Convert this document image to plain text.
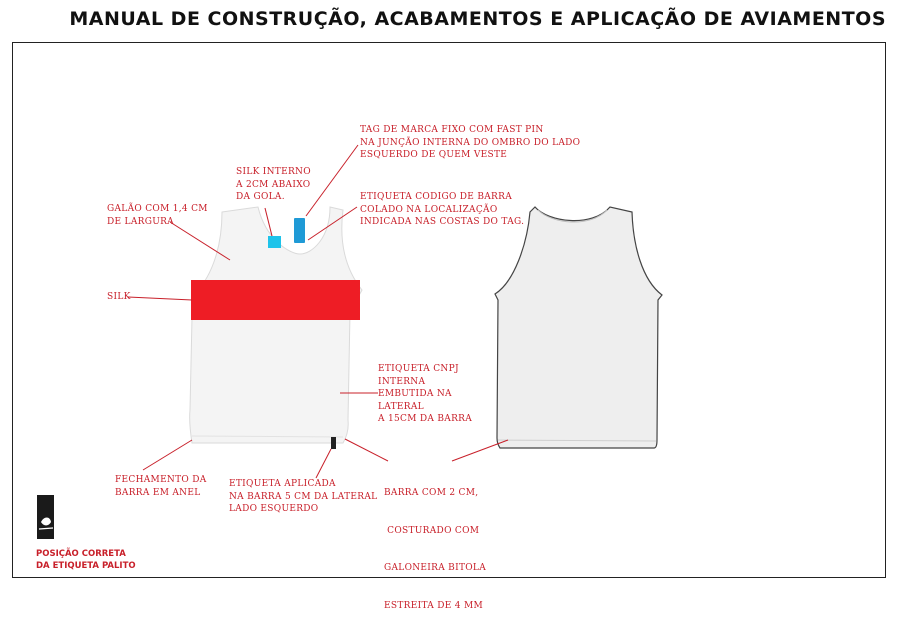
MANUAL DE CONSTRUÇÃO, ACABAMENTOS E APLICAÇÃO DE AVIAMENTOS
TAG DE MARCA FIXO COM FAST PIN
NA JUNÇÃO INTERNA DO OMBRO DO LADO
ESQUERDO DE QUEM VESTE
SILK INTERNO
A 2CM ABAIXO
DA GOLA.	ETIQUETA CODIGO DE BARRA
COLADO NA LOCALIZAÇÃO
INDICADA NAS COSTAS DO TAG.
GALÃO COM 1,4 CM
DE LARGURA
SILK
ETIQUETA CNPJ
INTERNA
EMBUTIDA NA
LATERAL
A 15CM DA BARRA
FECHAMENTO DA
BARRA EM ANEL
ETIQUETA APLICADA
NA BARRA 5 CM DA LATERAL
LADO ESQUERDO

BARRA COM 2 CM,

COSTURADO COM

GALONEIRA BITOLA

ESTREITA DE 4 MM

POSIÇÃO CORRETA
DA ETIQUETA PALITO
